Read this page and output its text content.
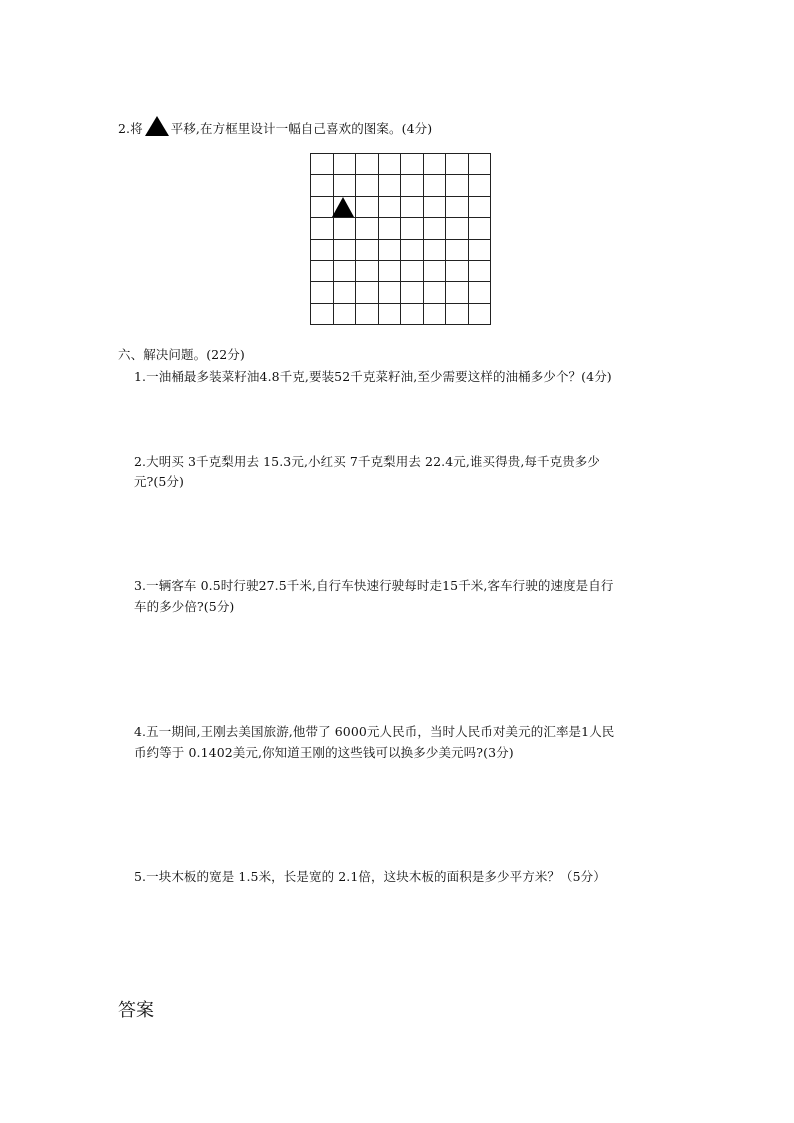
2.将 平移,在方框里设计一幅自己喜欢的图案。(4分)
六、解决问题。(22分)
1.一油桶最多装菜籽油4.8千克,要装52千克菜籽油,至少需要这样的油桶多少个？(4分)
2.大明买 3千克梨用去 15.3元,小红买 7千克梨用去 22.4元,谁买得贵,每千克贵多少
元?(5分)
3.一辆客车 0.5时行驶27.5千米,自行车快速行驶每时走15千米,客车行驶的速度是自行
车的多少倍?(5分)
4.五一期间,王刚去美国旅游,他带了 6000元人民币，当时人民币对美元的汇率是1人民
币约等于 0.1402美元,你知道王刚的这些钱可以换多少美元吗?(3分)
5.一块木板的宽是 1.5米，长是宽的 2.1倍，这块木板的面积是多少平方米？（5分）
答案
